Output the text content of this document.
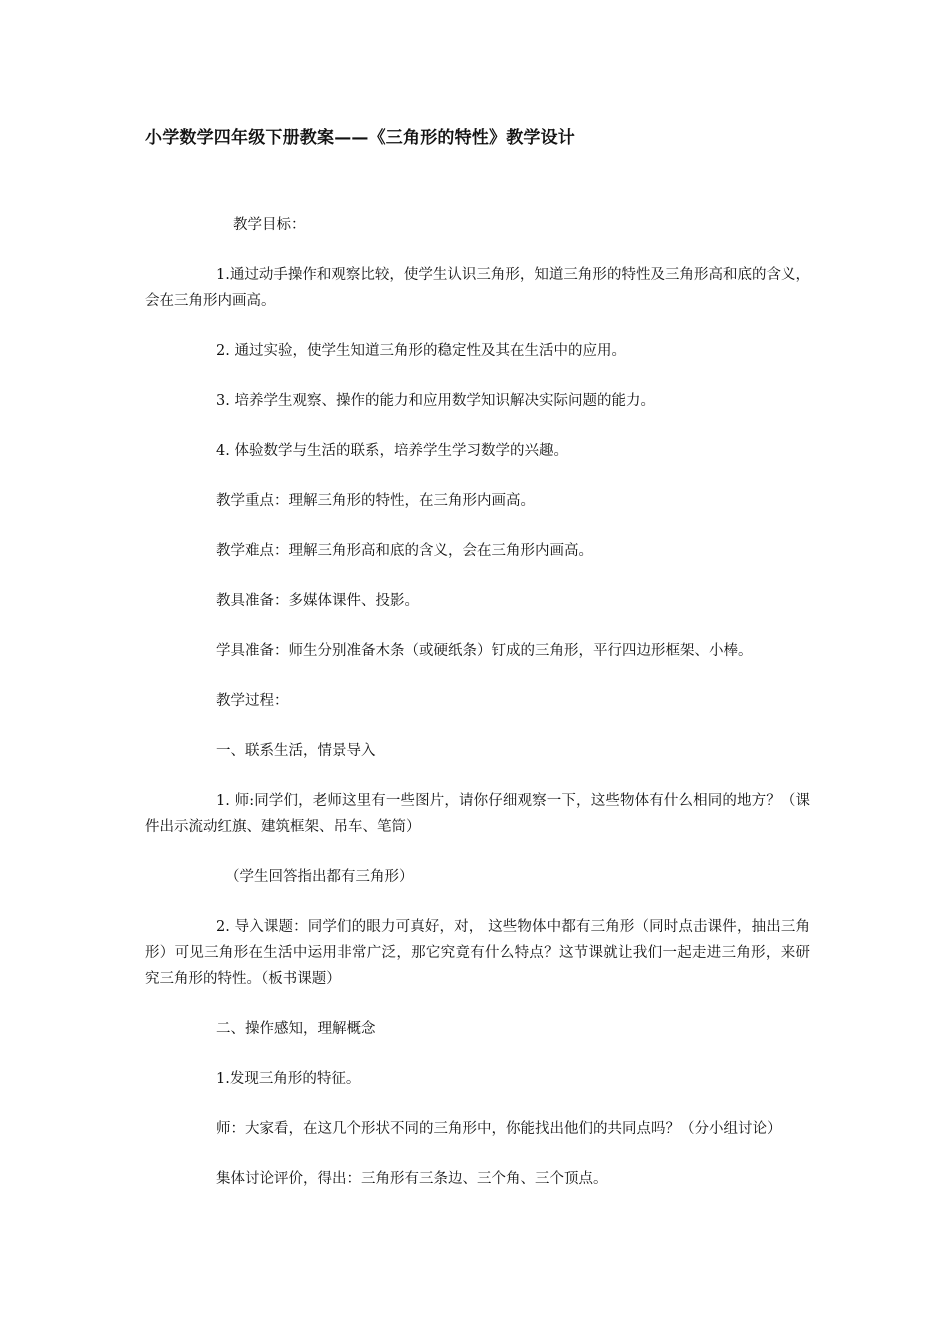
小学数学四年级下册教案——《三角形的特性》教学设计

教学目标：

1.通过动手操作和观察比较，使学生认识三角形，知道三角形的特性及三角形高和底的含义，会在三角形内画高。

2. 通过实验，使学生知道三角形的稳定性及其在生活中的应用。

3. 培养学生观察、操作的能力和应用数学知识解决实际问题的能力。

4. 体验数学与生活的联系，培养学生学习数学的兴趣。

教学重点：理解三角形的特性，在三角形内画高。

教学难点：理解三角形高和底的含义，会在三角形内画高。

教具准备：多媒体课件、投影。

学具准备：师生分别准备木条（或硬纸条）钉成的三角形，平行四边形框架、小棒。

教学过程：

一、联系生活，情景导入

1. 师:同学们，老师这里有一些图片，请你仔细观察一下，这些物体有什么相同的地方？（课件出示流动红旗、建筑框架、吊车、笔筒）

（学生回答指出都有三角形）

2. 导入课题：同学们的眼力可真好，对， 这些物体中都有三角形（同时点击课件，抽出三角形）可见三角形在生活中运用非常广泛，那它究竟有什么特点？这节课就让我们一起走进三角形，来研究三角形的特性。（板书课题）

二、操作感知，理解概念

1.发现三角形的特征。

师：大家看，在这几个形状不同的三角形中，你能找出他们的共同点吗？（分小组讨论）

集体讨论评价，得出：三角形有三条边、三个角、三个顶点。
